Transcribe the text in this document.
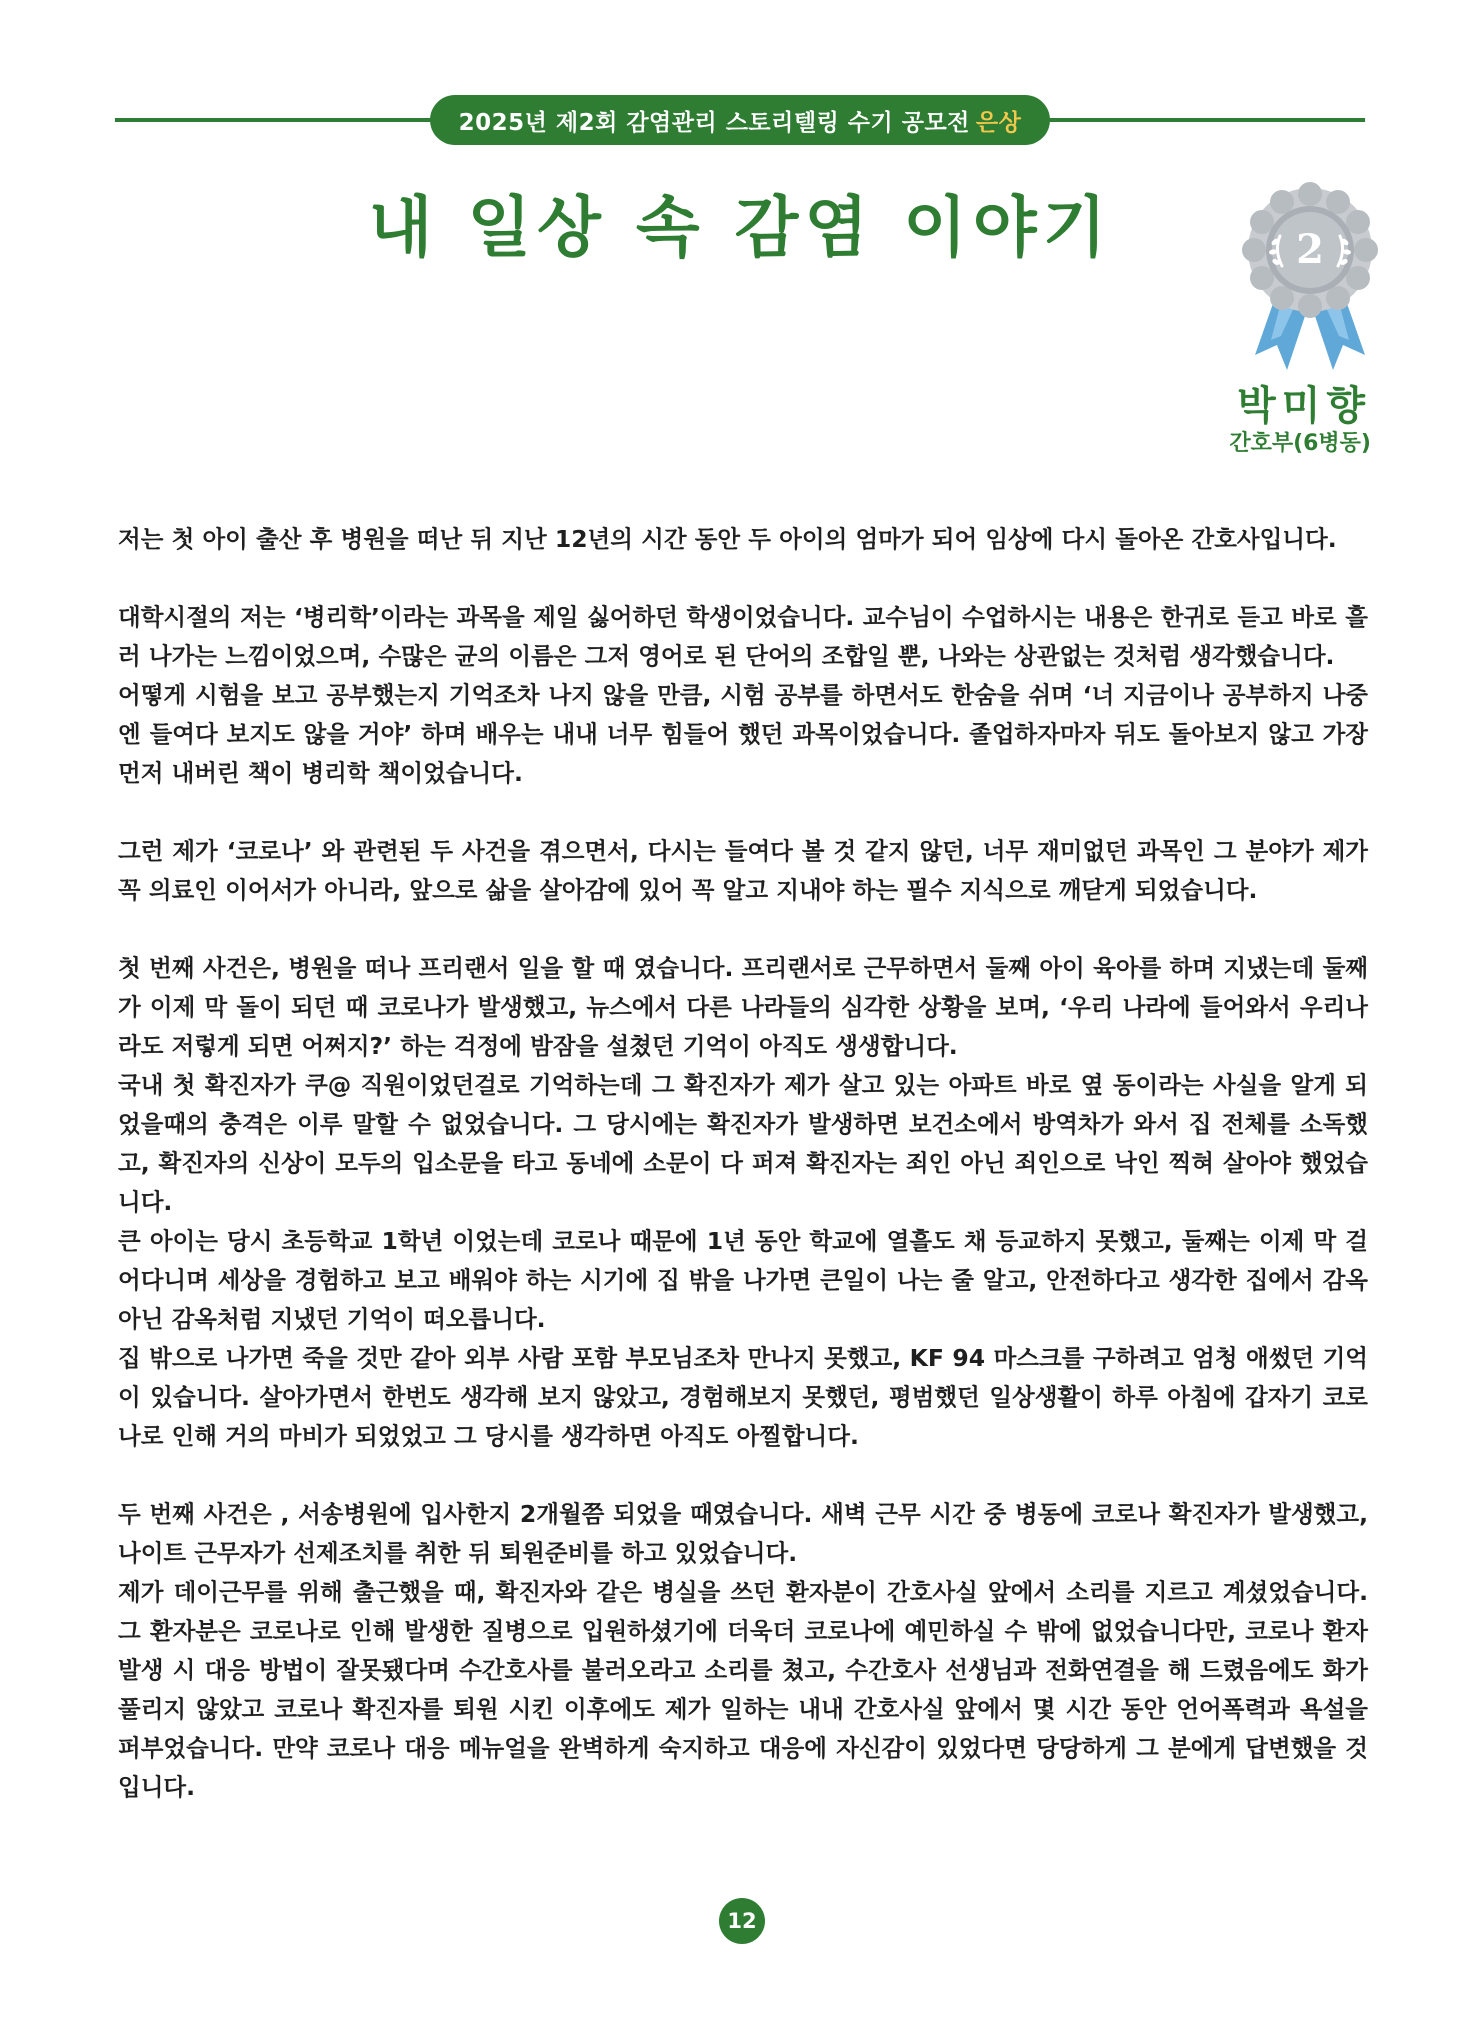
2025년 제2회 감염관리 스토리텔링 수기 공모전 은상
내 일상 속 감염 이야기	2
박미향
간호부(6병동)

저는 첫 아이 출산 후 병원을 떠난 뒤 지난 12년의 시간 동안 두 아이의 엄마가 되어 임상에 다시 돌아온 간호사입니다.

대학시절의 저는 ‘병리학’이라는 과목을 제일 싫어하던 학생이었습니다. 교수님이 수업하시는 내용은 한귀로 듣고 바로 흘러 나가는 느낌이었으며, 수많은 균의 이름은 그저 영어로 된 단어의 조합일 뿐, 나와는 상관없는 것처럼 생각했습니다.

어떻게 시험을 보고 공부했는지 기억조차 나지 않을 만큼, 시험 공부를 하면서도 한숨을 쉬며 ‘너 지금이나 공부하지 나중엔 들여다 보지도 않을 거야’ 하며 배우는 내내 너무 힘들어 했던 과목이었습니다. 졸업하자마자 뒤도 돌아보지 않고 가장 먼저 내버린 책이 병리학 책이었습니다.

그런 제가 ‘코로나’ 와 관련된 두 사건을 겪으면서, 다시는 들여다 볼 것 같지 않던, 너무 재미없던 과목인 그 분야가 제가 꼭 의료인 이어서가 아니라, 앞으로 삶을 살아감에 있어 꼭 알고 지내야 하는 필수 지식으로 깨닫게 되었습니다.

첫 번째 사건은, 병원을 떠나 프리랜서 일을 할 때 였습니다. 프리랜서로 근무하면서 둘째 아이 육아를 하며 지냈는데 둘째가 이제 막 돌이 되던 때 코로나가 발생했고, 뉴스에서 다른 나라들의 심각한 상황을 보며, ‘우리 나라에 들어와서 우리나라도 저렇게 되면 어쩌지?’ 하는 걱정에 밤잠을 설쳤던 기억이 아직도 생생합니다.

국내 첫 확진자가 쿠@ 직원이었던걸로 기억하는데 그 확진자가 제가 살고 있는 아파트 바로 옆 동이라는 사실을 알게 되었을때의 충격은 이루 말할 수 없었습니다. 그 당시에는 확진자가 발생하면 보건소에서 방역차가 와서 집 전체를 소독했고, 확진자의 신상이 모두의 입소문을 타고 동네에 소문이 다 퍼져 확진자는 죄인 아닌 죄인으로 낙인 찍혀 살아야 했었습니다.

큰 아이는 당시 초등학교 1학년 이었는데 코로나 때문에 1년 동안 학교에 열흘도 채 등교하지 못했고, 둘째는 이제 막 걸어다니며 세상을 경험하고 보고 배워야 하는 시기에 집 밖을 나가면 큰일이 나는 줄 알고, 안전하다고 생각한 집에서 감옥 아닌 감옥처럼 지냈던 기억이 떠오릅니다.

집 밖으로 나가면 죽을 것만 같아 외부 사람 포함 부모님조차 만나지 못했고, KF 94 마스크를 구하려고 엄청 애썼던 기억이 있습니다. 살아가면서 한번도 생각해 보지 않았고, 경험해보지 못했던, 평범했던 일상생활이 하루 아침에 갑자기 코로나로 인해 거의 마비가 되었었고 그 당시를 생각하면 아직도 아찔합니다.

두 번째 사건은 , 서송병원에 입사한지 2개월쯤 되었을 때였습니다. 새벽 근무 시간 중 병동에 코로나 확진자가 발생했고, 나이트 근무자가 선제조치를 취한 뒤 퇴원준비를 하고 있었습니다.

제가 데이근무를 위해 출근했을 때, 확진자와 같은 병실을 쓰던 환자분이 간호사실 앞에서 소리를 지르고 계셨었습니다. 그 환자분은 코로나로 인해 발생한 질병으로 입원하셨기에 더욱더 코로나에 예민하실 수 밖에 없었습니다만, 코로나 환자 발생 시 대응 방법이 잘못됐다며 수간호사를 불러오라고 소리를 쳤고, 수간호사 선생님과 전화연결을 해 드렸음에도 화가 풀리지 않았고 코로나 확진자를 퇴원 시킨 이후에도 제가 일하는 내내 간호사실 앞에서 몇 시간 동안 언어폭력과 욕설을 퍼부었습니다. 만약 코로나 대응 메뉴얼을 완벽하게 숙지하고 대응에 자신감이 있었다면 당당하게 그 분에게 답변했을 것입니다.

12
